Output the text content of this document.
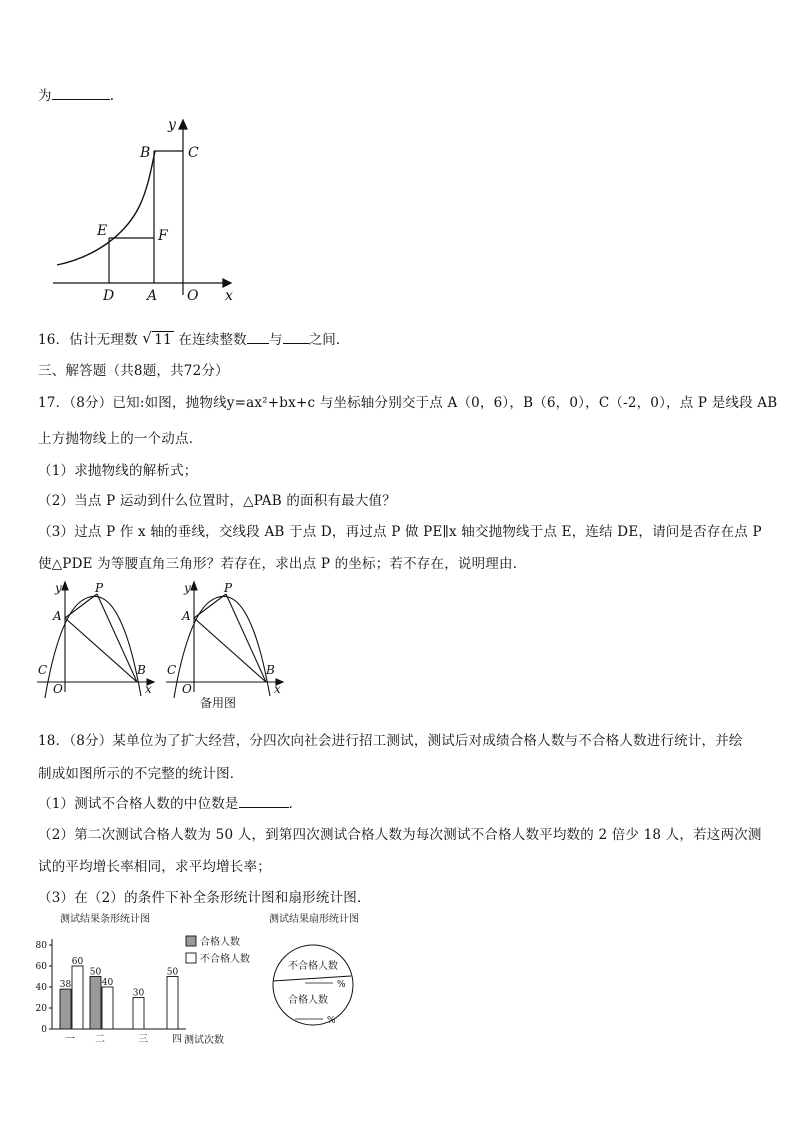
为	.
y
B	C
E	F
D A O x
16．估计无理数 √ 11 在连续整数 与 之间．
三、解答题（共8题，共72分）
17．（8分）已知:如图，抛物线y=ax²+bx+c 与坐标轴分别交于点 A（0，6），B（6，0），C（-2，0），点 P 是线段 AB
上方抛物线上的一个动点．
（1）求抛物线的解析式；
（2）当点 P 运动到什么位置时，△PAB 的面积有最大值？
（3）过点 P 作 x 轴的垂线，交线段 AB 于点 D，再过点 P 做 PE∥x 轴交抛物线于点 E，连结 DE，请问是否存在点 P
使△PDE 为等腰直角三角形？若存在，求出点 P 的坐标；若不存在，说明理由．
y	P
A
C	B
O	x
y	P
A
C	B
O	x
备用图
18．（8分）某单位为了扩大经营，分四次向社会进行招工测试，测试后对成绩合格人数与不合格人数进行统计，并绘
制成如图所示的不完整的统计图．
（1）测试不合格人数的中位数是	．
（2）第二次测试合格人数为 50 人，到第四次测试合格人数为每次测试不合格人数平均数的 2 倍少 18 人，若这两次测
试的平均增长率相同，求平均增长率；
（3）在（2）的条件下补全条形统计图和扇形统计图．
测试结果条形统计图
0
20
40
60
80
38
60
一
50
40
二
30
三
50
四
合格人数
不合格人数
测试次数
测试结果扇形统计图
不合格人数
%
合格人数
%
